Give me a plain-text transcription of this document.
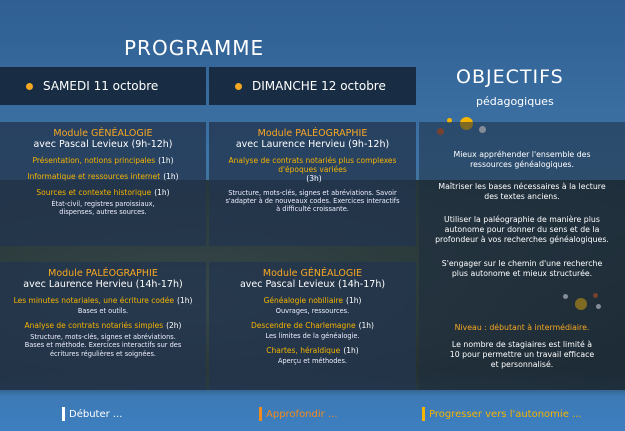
PROGRAMME
SAMEDI 11 octobre	DIMANCHE 12 octobre	OBJECTIFS
pédagogiques
Module GÉNÉALOGIE
avec Pascal Levieux (9h-12h)
Présentation, notions principales (1h)
Informatique et ressources internet (1h)
Sources et contexte historique (1h)
État-civil, registres paroissiaux, dispenses, autres sources.
Module PALÉOGRAPHIE
avec Laurence Hervieu (9h-12h)
Analyse de contrats notariés plus complexes d'époques variées
(3h)
Structure, mots-clés, signes et abréviations. Savoir s'adapter à de nouveaux codes. Exercices interactifs à difficulté croissante.
Module PALÉOGRAPHIE
avec Laurence Hervieu (14h-17h)
Les minutes notariales, une écriture codée (1h)
Bases et outils.
Analyse de contrats notariés simples (2h)
Structure, mots-clés, signes et abréviations. Bases et méthode. Exercices interactifs sur des écritures régulières et soignées.
Module GÉNÉALOGIE
avec Pascal Levieux (14h-17h)
Généalogie nobiliaire (1h)
Ouvrages, ressources.
Descendre de Charlemagne (1h)
Les limites de la généalogie.
Chartes, héraldique (1h)
Aperçu et méthodes.
Mieux appréhender l'ensemble des ressources généalogiques.
Maîtriser les bases nécessaires à la lecture des textes anciens.
Utiliser la paléographie de manière plus autonome pour donner du sens et de la profondeur à vos recherches généalogiques.
S'engager sur le chemin d'une recherche plus autonome et mieux structurée.
Niveau : débutant à intermédiaire.
Le nombre de stagiaires est limité à 10 pour permettre un travail efficace et personnalisé.
Débuter ...	Approfondir ...	Progresser vers l'autonomie ...
